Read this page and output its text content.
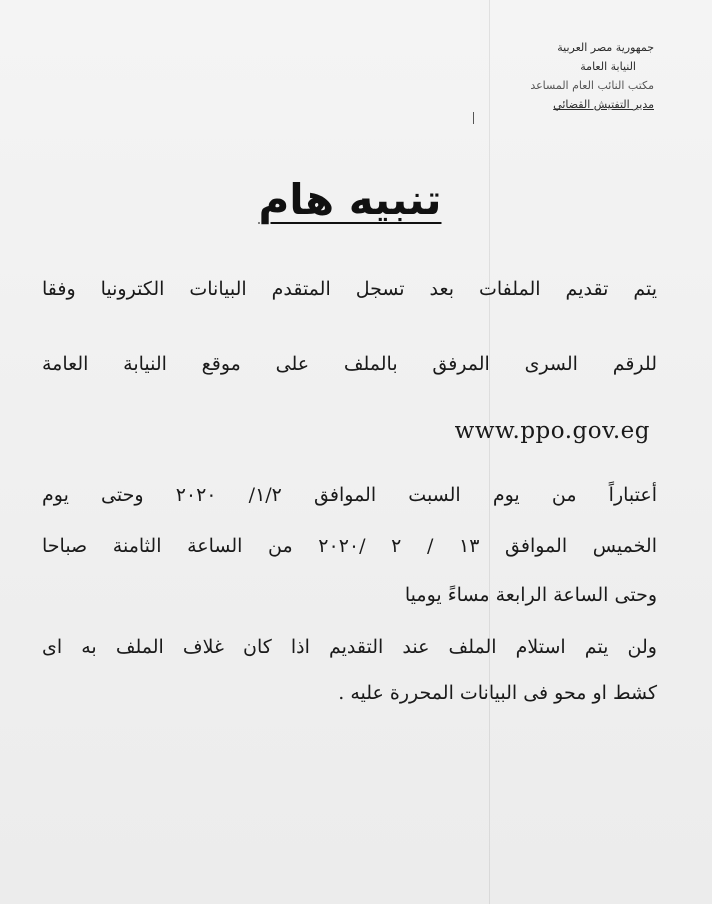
جمهورية مصر العربية
النيابة العامة
مكتب النائب العام المساعد
مدير التفتيش القضائي
تنبيه هام
يتم تقديم الملفات بعد تسجل المتقدم البيانات الكترونيا وفقا
للرقم السرى المرفق بالملف على موقع النيابة العامة
www.ppo.gov.eg
أعتباراً من يوم السبت الموافق ١/٢/ ٢٠٢٠ وحتى يوم
الخميس الموافق ١٣ / ٢ /٢٠٢٠ من الساعة الثامنة صباحا
وحتى الساعة الرابعة مساءً يوميا
ولن يتم استلام الملف عند التقديم اذا كان غلاف الملف به اى
كشط او محو فى البيانات المحررة عليه .
